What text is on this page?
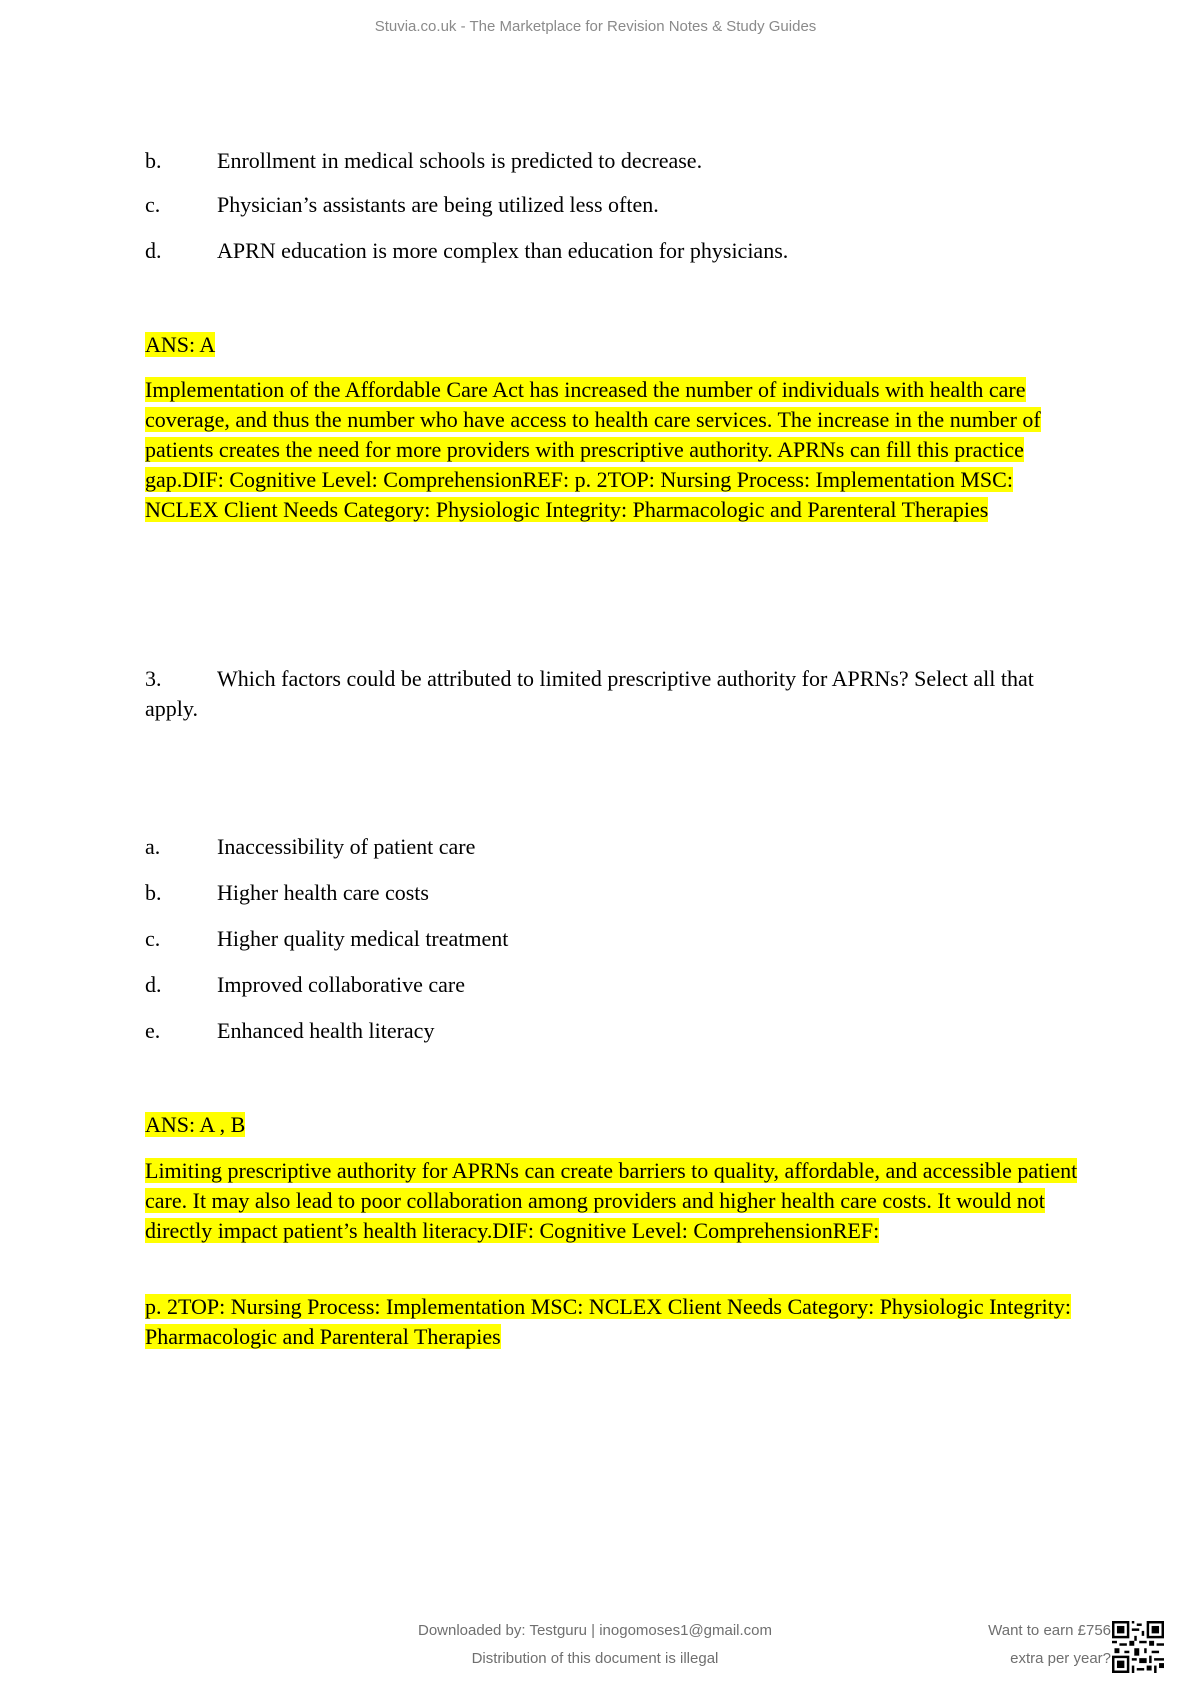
Stuvia.co.uk - The Marketplace for Revision Notes & Study Guides
b.	Enrollment in medical schools is predicted to decrease.
c.	Physician’s assistants are being utilized less often.
d.	APRN education is more complex than education for physicians.
ANS: A
Implementation of the Affordable Care Act has increased the number of individuals with health care coverage, and thus the number who have access to health care services. The increase in the number of patients creates the need for more providers with prescriptive authority. APRNs can fill this practice gap.DIF: Cognitive Level: ComprehensionREF: p. 2TOP: Nursing Process: Implementation MSC: NCLEX Client Needs Category: Physiologic Integrity: Pharmacologic and Parenteral Therapies
3.	Which factors could be attributed to limited prescriptive authority for APRNs? Select all that apply.
a.	Inaccessibility of patient care
b.	Higher health care costs
c.	Higher quality medical treatment
d.	Improved collaborative care
e.	Enhanced health literacy
ANS: A , B
Limiting prescriptive authority for APRNs can create barriers to quality, affordable, and accessible patient care. It may also lead to poor collaboration among providers and higher health care costs. It would not directly impact patient’s health literacy.DIF: Cognitive Level: ComprehensionREF:
p. 2TOP: Nursing Process: Implementation MSC: NCLEX Client Needs Category: Physiologic Integrity: Pharmacologic and Parenteral Therapies
Downloaded by: Testguru | inogomoses1@gmail.com
Distribution of this document is illegal
Want to earn £756
extra per year?
